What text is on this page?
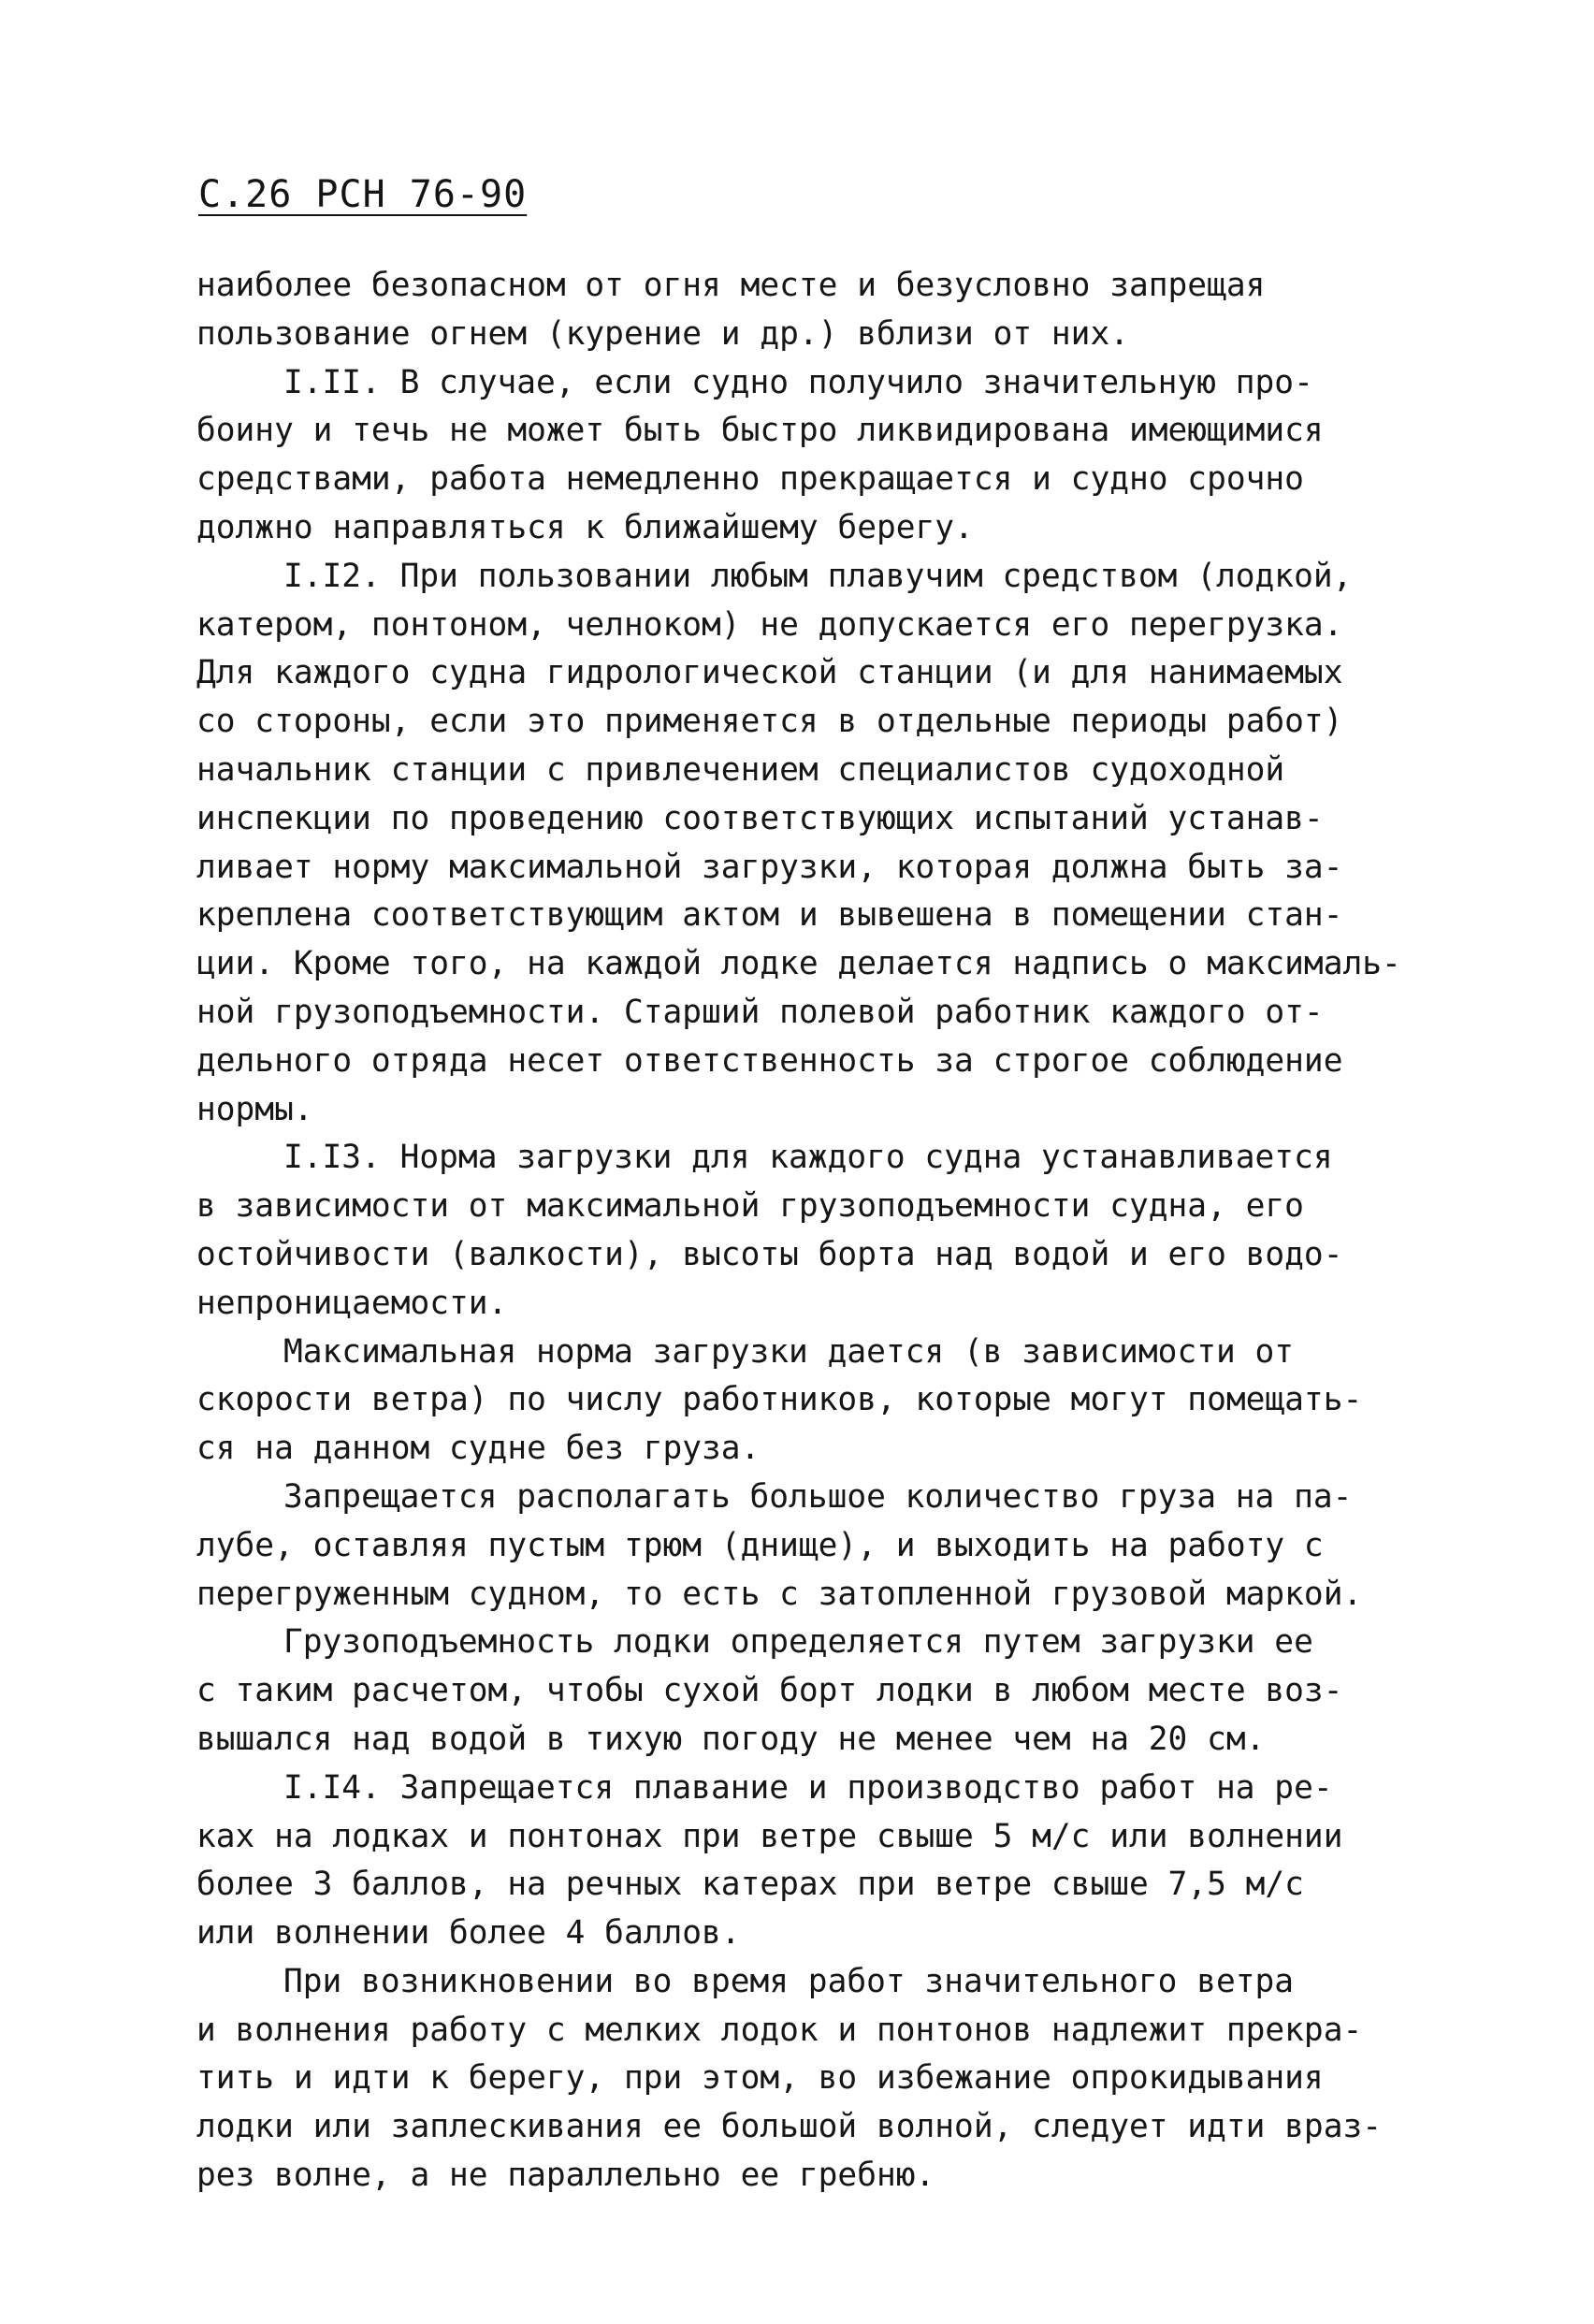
С.26 РСН 76-90
наиболее безопасном от огня месте и безусловно запрещая
пользование огнем (курение и др.) вблизи от них.
I.II. В случае, если судно получило значительную про-
боину и течь не может быть быстро ликвидирована имеющимися
средствами, работа немедленно прекращается и судно срочно
должно направляться к ближайшему берегу.
I.I2. При пользовании любым плавучим средством (лодкой,
катером, понтоном, челноком) не допускается его перегрузка.
Для каждого судна гидрологической станции (и для нанимаемых
со стороны, если это применяется в отдельные периоды работ)
начальник станции с привлечением специалистов судоходной
инспекции по проведению соответствующих испытаний устанав-
ливает норму максимальной загрузки, которая должна быть за-
креплена соответствующим актом и вывешена в помещении стан-
ции. Кроме того, на каждой лодке делается надпись о максималь-
ной грузоподъемности. Старший полевой работник каждого от-
дельного отряда несет ответственность за строгое соблюдение
нормы.
I.I3. Норма загрузки для каждого судна устанавливается
в зависимости от максимальной грузоподъемности судна, его
остойчивости (валкости), высоты борта над водой и его водо-
непроницаемости.
Максимальная норма загрузки дается (в зависимости от
скорости ветра) по числу работников, которые могут помещать-
ся на данном судне без груза.
Запрещается располагать большое количество груза на па-
лубе, оставляя пустым трюм (днище), и выходить на работу с
перегруженным судном, то есть с затопленной грузовой маркой.
Грузоподъемность лодки определяется путем загрузки ее
с таким расчетом, чтобы сухой борт лодки в любом месте воз-
вышался над водой в тихую погоду не менее чем на 20 см.
I.I4. Запрещается плавание и производство работ на ре-
ках на лодках и понтонах при ветре свыше 5 м/с или волнении
более 3 баллов, на речных катерах при ветре свыше 7,5 м/с
или волнении более 4 баллов.
При возникновении во время работ значительного ветра
и волнения работу с мелких лодок и понтонов надлежит прекра-
тить и идти к берегу, при этом, во избежание опрокидывания
лодки или заплескивания ее большой волной, следует идти враз-
рез волне, а не параллельно ее гребню.
